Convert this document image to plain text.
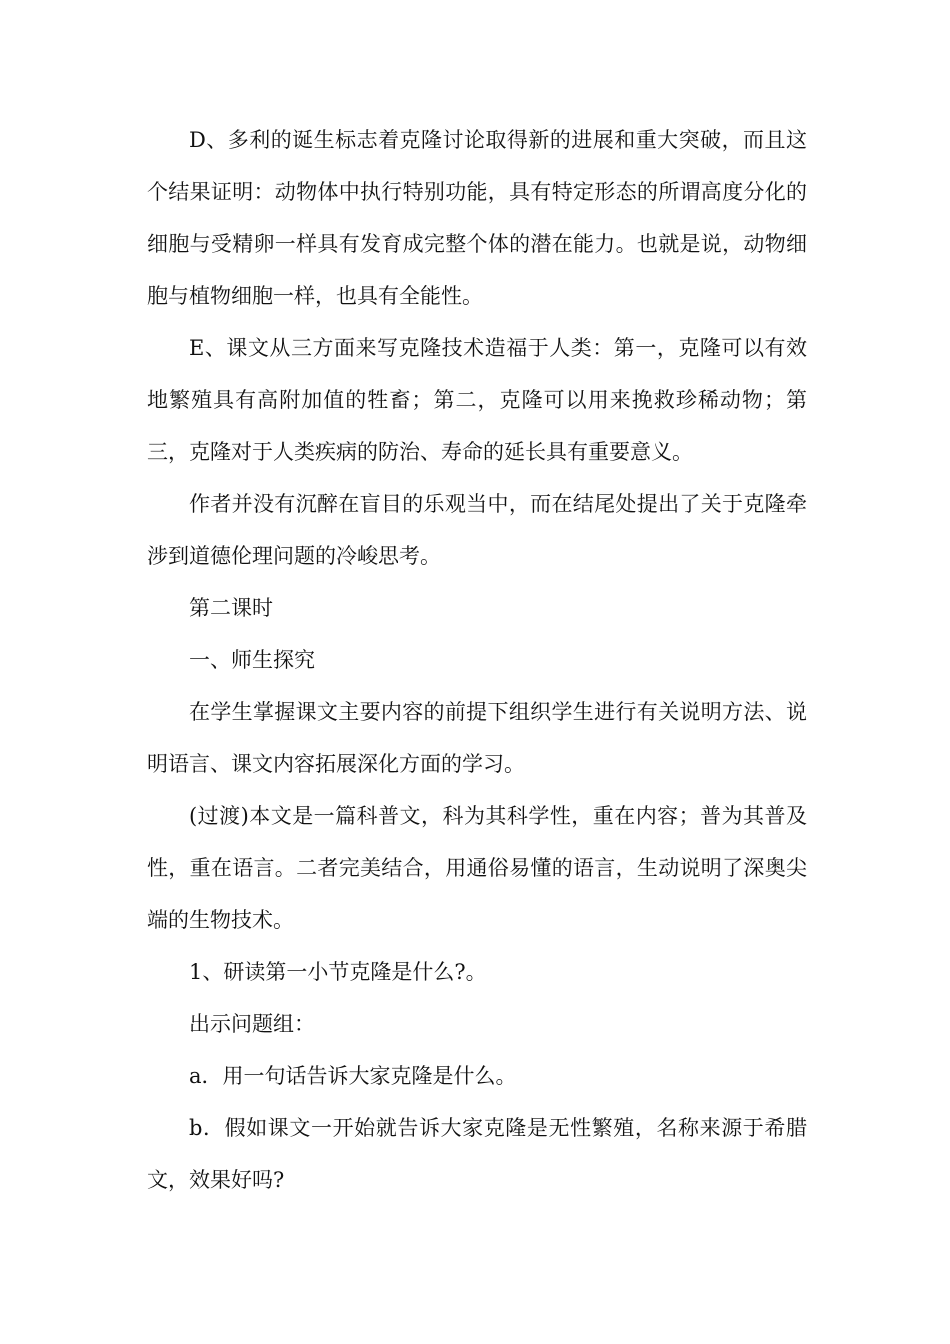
D、多利的诞生标志着克隆讨论取得新的进展和重大突破，而且这个结果证明：动物体中执行特别功能，具有特定形态的所谓高度分化的细胞与受精卵一样具有发育成完整个体的潜在能力。也就是说，动物细胞与植物细胞一样，也具有全能性。

E、课文从三方面来写克隆技术造福于人类：第一，克隆可以有效地繁殖具有高附加值的牲畜；第二，克隆可以用来挽救珍稀动物；第三，克隆对于人类疾病的防治、寿命的延长具有重要意义。

作者并没有沉醉在盲目的乐观当中，而在结尾处提出了关于克隆牵涉到道德伦理问题的冷峻思考。

第二课时

一、师生探究

在学生掌握课文主要内容的前提下组织学生进行有关说明方法、说明语言、课文内容拓展深化方面的学习。

(过渡)本文是一篇科普文，科为其科学性，重在内容；普为其普及性，重在语言。二者完美结合，用通俗易懂的语言，生动说明了深奥尖端的生物技术。

1、研读第一小节克隆是什么?。

出示问题组：

a．用一句话告诉大家克隆是什么。

b．假如课文一开始就告诉大家克隆是无性繁殖，名称来源于希腊文，效果好吗?
